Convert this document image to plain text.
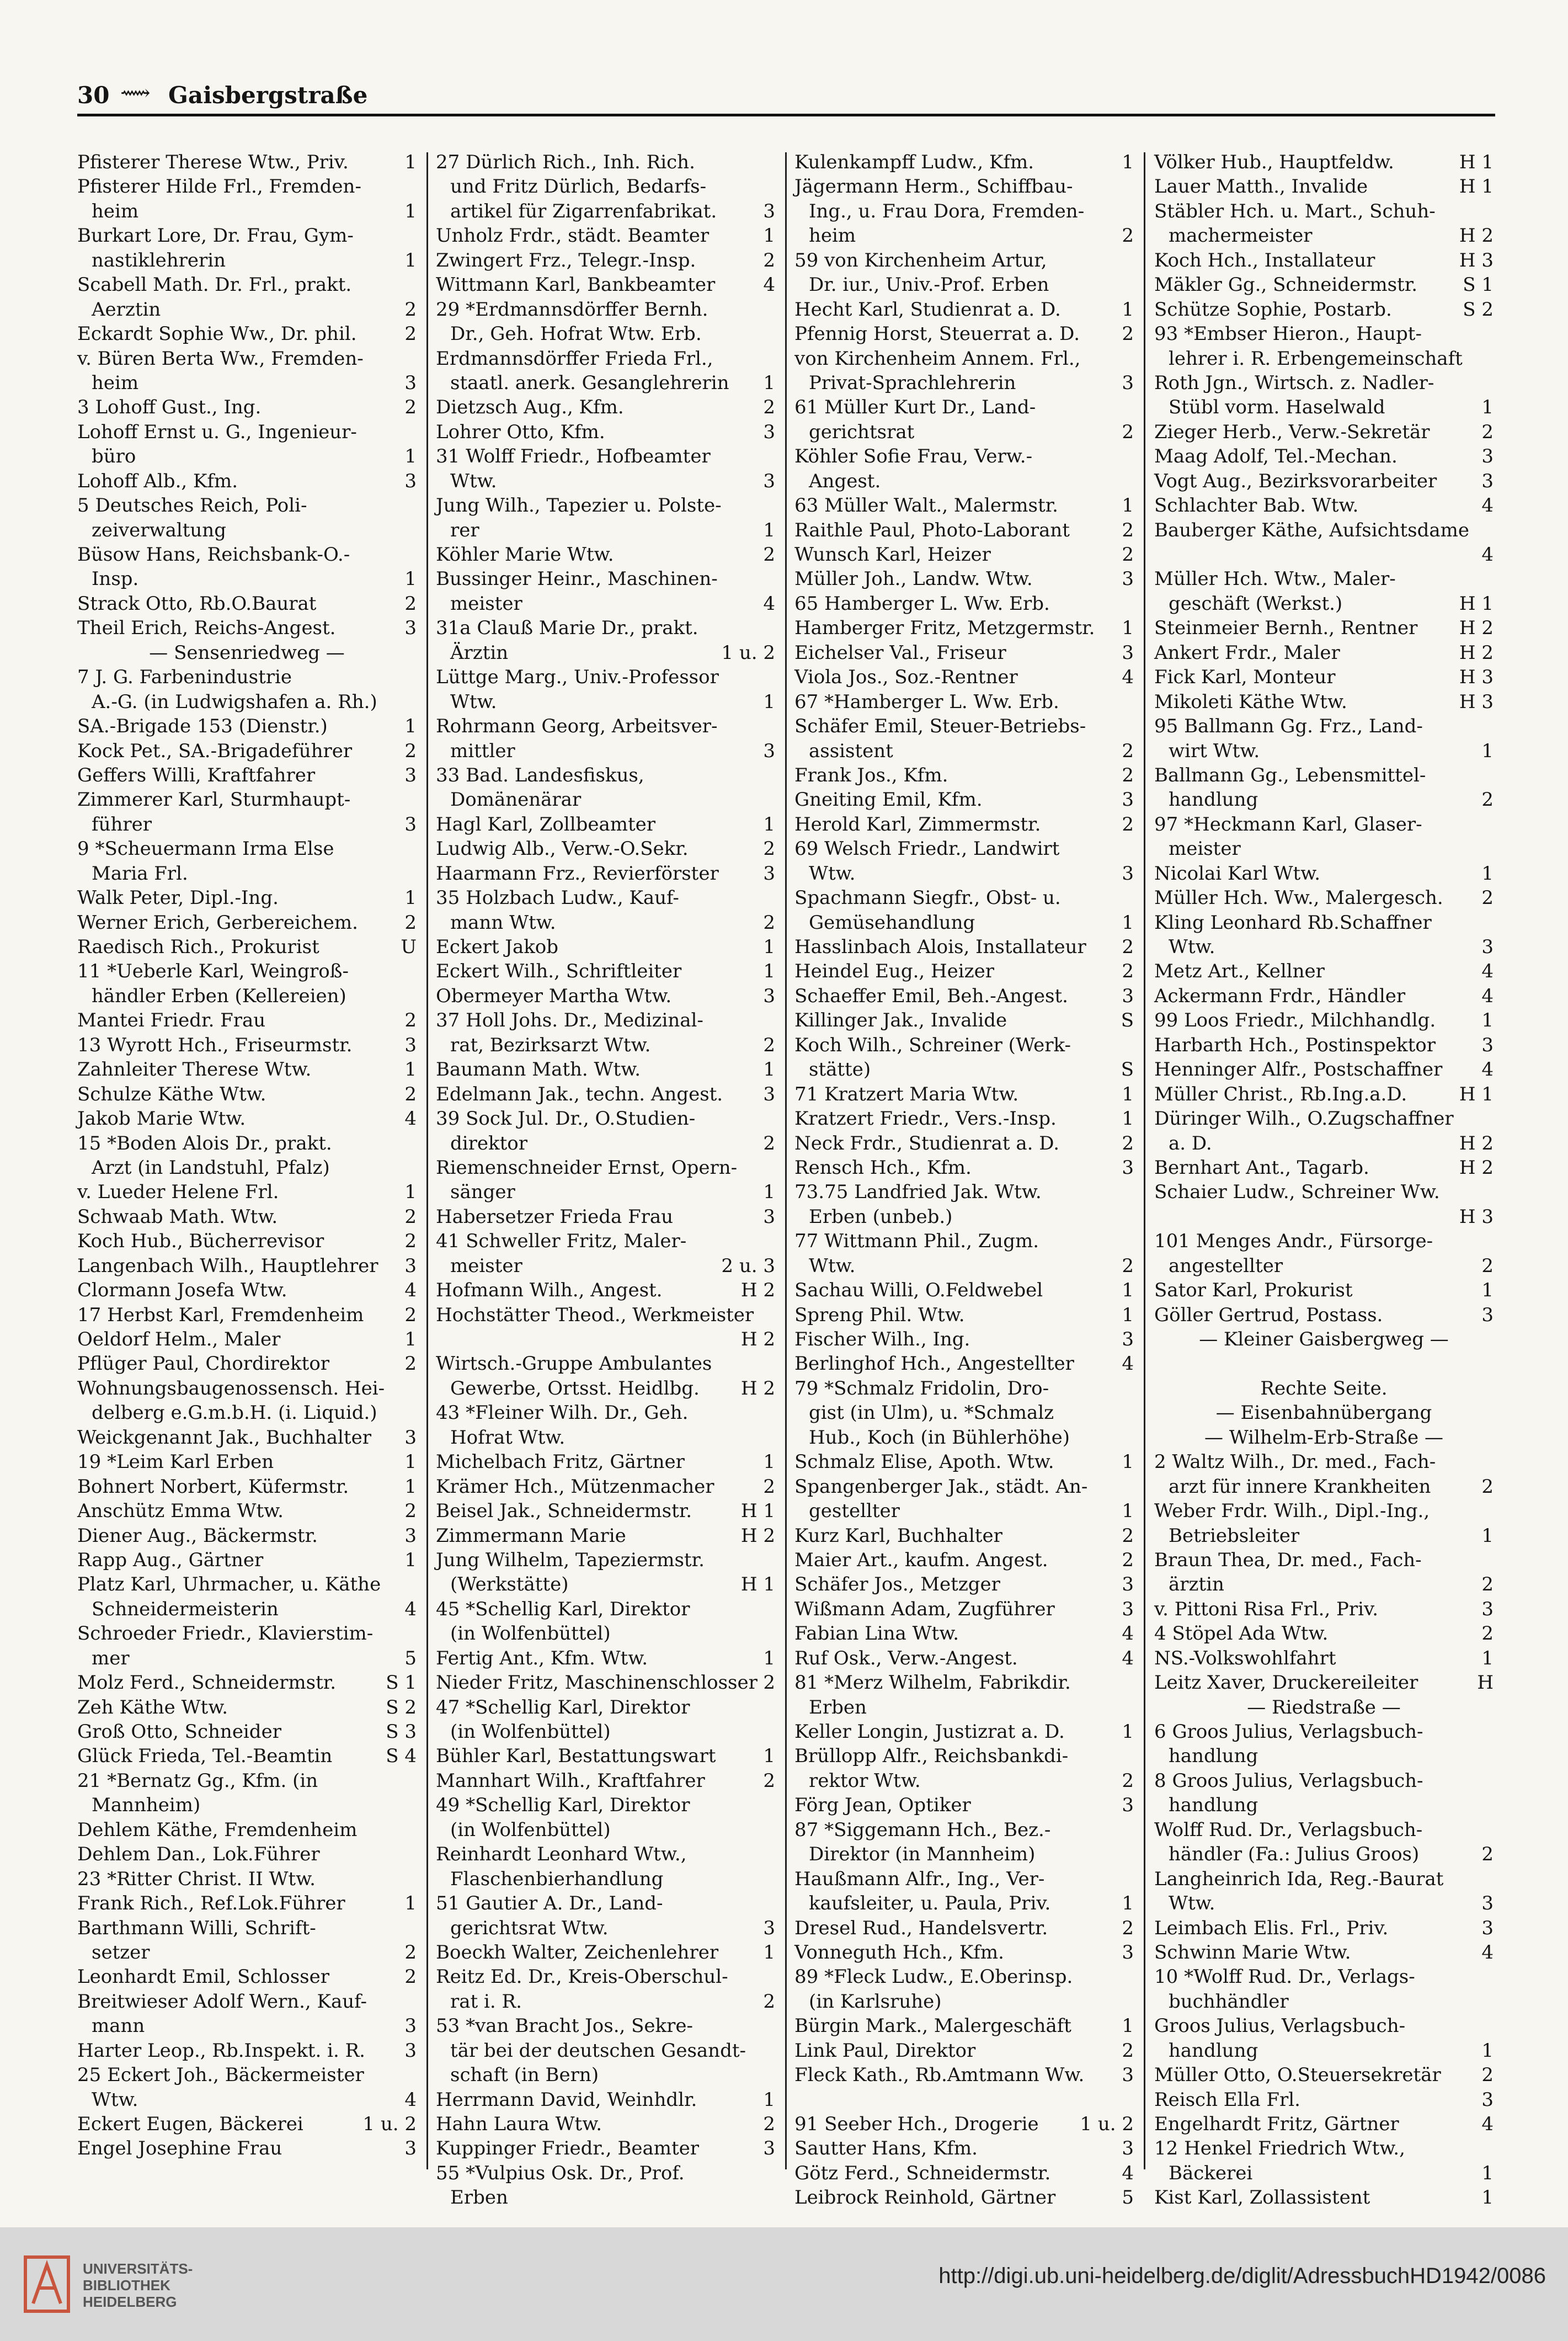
30 ⟿ Gaisbergstraße
Pfisterer Therese Wtw., Priv.	1
Pfisterer Hilde Frl., Fremden-
heim	1
Burkart Lore, Dr. Frau, Gym-
nastiklehrerin	1
Scabell Math. Dr. Frl., prakt.
Aerztin	2
Eckardt Sophie Ww., Dr. phil.	2
v. Büren Berta Ww., Fremden-
heim	3
3 Lohoff Gust., Ing.	2
Lohoff Ernst u. G., Ingenieur-
büro	1
Lohoff Alb., Kfm.	3
5 Deutsches Reich, Poli-
zeiverwaltung
Büsow Hans, Reichsbank-O.-
Insp.	1
Strack Otto, Rb.O.Baurat	2
Theil Erich, Reichs-Angest.	3
— Sensenriedweg —
7 J. G. Farbenindustrie
A.-G. (in Ludwigshafen a. Rh.)
SA.-Brigade 153 (Dienstr.)	1
Kock Pet., SA.-Brigadeführer	2
Geffers Willi, Kraftfahrer	3
Zimmerer Karl, Sturmhaupt-
führer	3
9 *Scheuermann Irma Else
Maria Frl.
Walk Peter, Dipl.-Ing.	1
Werner Erich, Gerbereichem.	2
Raedisch Rich., Prokurist	U
11 *Ueberle Karl, Weingroß-
händler Erben (Kellereien)
Mantei Friedr. Frau	2
13 Wyrott Hch., Friseurmstr.	3
Zahnleiter Therese Wtw.	1
Schulze Käthe Wtw.	2
Jakob Marie Wtw.	4
15 *Boden Alois Dr., prakt.
Arzt (in Landstuhl, Pfalz)
v. Lueder Helene Frl.	1
Schwaab Math. Wtw.	2
Koch Hub., Bücherrevisor	2
Langenbach Wilh., Hauptlehrer	3
Clormann Josefa Wtw.	4
17 Herbst Karl, Fremdenheim	2
Oeldorf Helm., Maler	1
Pflüger Paul, Chordirektor	2
Wohnungsbaugenossensch. Hei-
delberg e.G.m.b.H. (i. Liquid.)
Weickgenannt Jak., Buchhalter	3
19 *Leim Karl Erben	1
Bohnert Norbert, Küfermstr.	1
Anschütz Emma Wtw.	2
Diener Aug., Bäckermstr.	3
Rapp Aug., Gärtner	1
Platz Karl, Uhrmacher, u. Käthe
Schneidermeisterin	4
Schroeder Friedr., Klavierstim-
mer	5
Molz Ferd., Schneidermstr.	S 1
Zeh Käthe Wtw.	S 2
Groß Otto, Schneider	S 3
Glück Frieda, Tel.-Beamtin	S 4
21 *Bernatz Gg., Kfm. (in
Mannheim)
Dehlem Käthe, Fremdenheim
Dehlem Dan., Lok.Führer
23 *Ritter Christ. II Wtw.
Frank Rich., Ref.Lok.Führer	1
Barthmann Willi, Schrift-
setzer	2
Leonhardt Emil, Schlosser	2
Breitwieser Adolf Wern., Kauf-
mann	3
Harter Leop., Rb.Inspekt. i. R.	3
25 Eckert Joh., Bäckermeister
Wtw.	4
Eckert Eugen, Bäckerei	1 u. 2
Engel Josephine Frau	3
27 Dürlich Rich., Inh. Rich.
und Fritz Dürlich, Bedarfs-
artikel für Zigarrenfabrikat.	3
Unholz Frdr., städt. Beamter	1
Zwingert Frz., Telegr.-Insp.	2
Wittmann Karl, Bankbeamter	4
29 *Erdmannsdörffer Bernh.
Dr., Geh. Hofrat Wtw. Erb.
Erdmannsdörffer Frieda Frl.,
staatl. anerk. Gesanglehrerin	1
Dietzsch Aug., Kfm.	2
Lohrer Otto, Kfm.	3
31 Wolff Friedr., Hofbeamter
Wtw.	3
Jung Wilh., Tapezier u. Polste-
rer	1
Köhler Marie Wtw.	2
Bussinger Heinr., Maschinen-
meister	4
31a Clauß Marie Dr., prakt.
Ärztin	1 u. 2
Lüttge Marg., Univ.-Professor
Wtw.	1
Rohrmann Georg, Arbeitsver-
mittler	3
33 Bad. Landesfiskus,
Domänenärar
Hagl Karl, Zollbeamter	1
Ludwig Alb., Verw.-O.Sekr.	2
Haarmann Frz., Revierförster	3
35 Holzbach Ludw., Kauf-
mann Wtw.	2
Eckert Jakob	1
Eckert Wilh., Schriftleiter	1
Obermeyer Martha Wtw.	3
37 Holl Johs. Dr., Medizinal-
rat, Bezirksarzt Wtw.	2
Baumann Math. Wtw.	1
Edelmann Jak., techn. Angest.	3
39 Sock Jul. Dr., O.Studien-
direktor	2
Riemenschneider Ernst, Opern-
sänger	1
Habersetzer Frieda Frau	3
41 Schweller Fritz, Maler-
meister	2 u. 3
Hofmann Wilh., Angest.	H 2
Hochstätter Theod., Werkmeister
H 2
Wirtsch.-Gruppe Ambulantes
Gewerbe, Ortsst. Heidlbg.	H 2
43 *Fleiner Wilh. Dr., Geh.
Hofrat Wtw.
Michelbach Fritz, Gärtner	1
Krämer Hch., Mützenmacher	2
Beisel Jak., Schneidermstr.	H 1
Zimmermann Marie	H 2
Jung Wilhelm, Tapeziermstr.
(Werkstätte)	H 1
45 *Schellig Karl, Direktor
(in Wolfenbüttel)
Fertig Ant., Kfm. Wtw.	1
Nieder Fritz, Maschinenschlosser 2
47 *Schellig Karl, Direktor
(in Wolfenbüttel)
Bühler Karl, Bestattungswart	1
Mannhart Wilh., Kraftfahrer	2
49 *Schellig Karl, Direktor
(in Wolfenbüttel)
Reinhardt Leonhard Wtw.,
Flaschenbierhandlung
51 Gautier A. Dr., Land-
gerichtsrat Wtw.	3
Boeckh Walter, Zeichenlehrer	1
Reitz Ed. Dr., Kreis-Oberschul-
rat i. R.	2
53 *van Bracht Jos., Sekre-
tär bei der deutschen Gesandt-
schaft (in Bern)
Herrmann David, Weinhdlr.	1
Hahn Laura Wtw.	2
Kuppinger Friedr., Beamter	3
55 *Vulpius Osk. Dr., Prof.
Erben
Kulenkampff Ludw., Kfm.	1
Jägermann Herm., Schiffbau-
Ing., u. Frau Dora, Fremden-
heim	2
59 von Kirchenheim Artur,
Dr. iur., Univ.-Prof. Erben
Hecht Karl, Studienrat a. D.	1
Pfennig Horst, Steuerrat a. D.	2
von Kirchenheim Annem. Frl.,
Privat-Sprachlehrerin	3
61 Müller Kurt Dr., Land-
gerichtsrat	2
Köhler Sofie Frau, Verw.-
Angest.
63 Müller Walt., Malermstr.	1
Raithle Paul, Photo-Laborant	2
Wunsch Karl, Heizer	2
Müller Joh., Landw. Wtw.	3
65 Hamberger L. Ww. Erb.
Hamberger Fritz, Metzgermstr.	1
Eichelser Val., Friseur	3
Viola Jos., Soz.-Rentner	4
67 *Hamberger L. Ww. Erb.
Schäfer Emil, Steuer-Betriebs-
assistent	2
Frank Jos., Kfm.	2
Gneiting Emil, Kfm.	3
Herold Karl, Zimmermstr.	2
69 Welsch Friedr., Landwirt
Wtw.	3
Spachmann Siegfr., Obst- u.
Gemüsehandlung	1
Hasslinbach Alois, Installateur	2
Heindel Eug., Heizer	2
Schaeffer Emil, Beh.-Angest.	3
Killinger Jak., Invalide	S
Koch Wilh., Schreiner (Werk-
stätte)	S
71 Kratzert Maria Wtw.	1
Kratzert Friedr., Vers.-Insp.	1
Neck Frdr., Studienrat a. D.	2
Rensch Hch., Kfm.	3
73.75 Landfried Jak. Wtw.
Erben (unbeb.)
77 Wittmann Phil., Zugm.
Wtw.	2
Sachau Willi, O.Feldwebel	1
Spreng Phil. Wtw.	1
Fischer Wilh., Ing.	3
Berlinghof Hch., Angestellter	4
79 *Schmalz Fridolin, Dro-
gist (in Ulm), u. *Schmalz
Hub., Koch (in Bühlerhöhe)
Schmalz Elise, Apoth. Wtw.	1
Spangenberger Jak., städt. An-
gestellter	1
Kurz Karl, Buchhalter	2
Maier Art., kaufm. Angest.	2
Schäfer Jos., Metzger	3
Wißmann Adam, Zugführer	3
Fabian Lina Wtw.	4
Ruf Osk., Verw.-Angest.	4
81 *Merz Wilhelm, Fabrikdir.
Erben
Keller Longin, Justizrat a. D.	1
Brüllopp Alfr., Reichsbankdi-
rektor Wtw.	2
Förg Jean, Optiker	3
87 *Siggemann Hch., Bez.-
Direktor (in Mannheim)
Haußmann Alfr., Ing., Ver-
kaufsleiter, u. Paula, Priv.	1
Dresel Rud., Handelsvertr.	2
Vonneguth Hch., Kfm.	3
89 *Fleck Ludw., E.Oberinsp.
(in Karlsruhe)
Bürgin Mark., Malergeschäft	1
Link Paul, Direktor	2
Fleck Kath., Rb.Amtmann Ww.	3
91 Seeber Hch., Drogerie	1 u. 2
Sautter Hans, Kfm.	3
Götz Ferd., Schneidermstr.	4
Leibrock Reinhold, Gärtner	5
Völker Hub., Hauptfeldw.	H 1
Lauer Matth., Invalide	H 1
Stäbler Hch. u. Mart., Schuh-
machermeister	H 2
Koch Hch., Installateur	H 3
Mäkler Gg., Schneidermstr.	S 1
Schütze Sophie, Postarb.	S 2
93 *Embser Hieron., Haupt-
lehrer i. R. Erbengemeinschaft
Roth Jgn., Wirtsch. z. Nadler-
Stübl vorm. Haselwald	1
Zieger Herb., Verw.-Sekretär	2
Maag Adolf, Tel.-Mechan.	3
Vogt Aug., Bezirksvorarbeiter	3
Schlachter Bab. Wtw.	4
Bauberger Käthe, Aufsichtsdame
4
Müller Hch. Wtw., Maler-
geschäft (Werkst.)	H 1
Steinmeier Bernh., Rentner	H 2
Ankert Frdr., Maler	H 2
Fick Karl, Monteur	H 3
Mikoleti Käthe Wtw.	H 3
95 Ballmann Gg. Frz., Land-
wirt Wtw.	1
Ballmann Gg., Lebensmittel-
handlung	2
97 *Heckmann Karl, Glaser-
meister
Nicolai Karl Wtw.	1
Müller Hch. Ww., Malergesch.	2
Kling Leonhard Rb.Schaffner
Wtw.	3
Metz Art., Kellner	4
Ackermann Frdr., Händler	4
99 Loos Friedr., Milchhandlg.	1
Harbarth Hch., Postinspektor	3
Henninger Alfr., Postschaffner	4
Müller Christ., Rb.Ing.a.D.	H 1
Düringer Wilh., O.Zugschaffner
a. D.	H 2
Bernhart Ant., Tagarb.	H 2
Schaier Ludw., Schreiner Ww.
H 3
101 Menges Andr., Fürsorge-
angestellter	2
Sator Karl, Prokurist	1
Göller Gertrud, Postass.	3
— Kleiner Gaisbergweg —
Rechte Seite.
— Eisenbahnübergang
— Wilhelm-Erb-Straße —
2 Waltz Wilh., Dr. med., Fach-
arzt für innere Krankheiten	2
Weber Frdr. Wilh., Dipl.-Ing.,
Betriebsleiter	1
Braun Thea, Dr. med., Fach-
ärztin	2
v. Pittoni Risa Frl., Priv.	3
4 Stöpel Ada Wtw.	2
NS.-Volkswohlfahrt	1
Leitz Xaver, Druckereileiter	H
— Riedstraße —
6 Groos Julius, Verlagsbuch-
handlung
8 Groos Julius, Verlagsbuch-
handlung
Wolff Rud. Dr., Verlagsbuch-
händler (Fa.: Julius Groos)	2
Langheinrich Ida, Reg.-Baurat
Wtw.	3
Leimbach Elis. Frl., Priv.	3
Schwinn Marie Wtw.	4
10 *Wolff Rud. Dr., Verlags-
buchhändler
Groos Julius, Verlagsbuch-
handlung	1
Müller Otto, O.Steuersekretär	2
Reisch Ella Frl.	3
Engelhardt Fritz, Gärtner	4
12 Henkel Friedrich Wtw.,
Bäckerei	1
Kist Karl, Zollassistent	1
UNIVERSITÄTS-
BIBLIOTHEK
HEIDELBERG
http://digi.ub.uni-heidelberg.de/diglit/AdressbuchHD1942/0086
